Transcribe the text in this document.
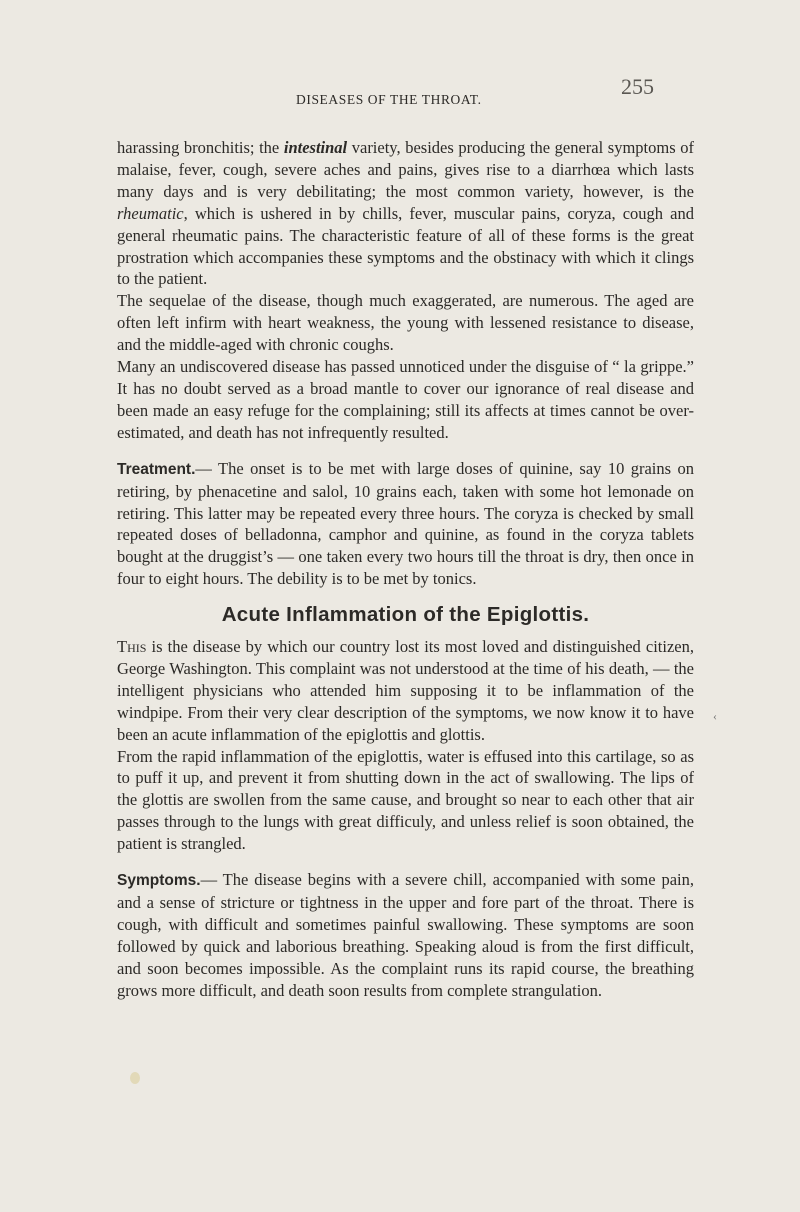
DISEASES OF THE THROAT.
255

harassing bronchitis; the intestinal variety, besides producing the general symptoms of malaise, fever, cough, severe aches and pains, gives rise to a diarrhœa which lasts many days and is very debilitating; the most common variety, however, is the rheumatic, which is ushered in by chills, fever, muscular pains, coryza, cough and general rheumatic pains. The characteristic feature of all of these forms is the great prostration which accompanies these symptoms and the obstinacy with which it clings to the patient.

The sequelae of the disease, though much exaggerated, are numerous. The aged are often left infirm with heart weakness, the young with lessened resistance to disease, and the middle-aged with chronic coughs.

Many an undiscovered disease has passed unnoticed under the disguise of “ la grippe.” It has no doubt served as a broad mantle to cover our ignorance of real disease and been made an easy refuge for the complaining; still its affects at times cannot be over-estimated, and death has not infrequently resulted.

Treatment.— The onset is to be met with large doses of quinine, say 10 grains on retiring, by phenacetine and salol, 10 grains each, taken with some hot lemonade on retiring. This latter may be repeated every three hours. The coryza is checked by small repeated doses of belladonna, camphor and quinine, as found in the coryza tablets bought at the druggist’s — one taken every two hours till the throat is dry, then once in four to eight hours. The debility is to be met by tonics.

Acute Inflammation of the Epiglottis.

This is the disease by which our country lost its most loved and distinguished citizen, George Washington. This complaint was not understood at the time of his death, — the intelligent physicians who attended him supposing it to be inflammation of the windpipe. From their very clear description of the symptoms, we now know it to have been an acute inflammation of the epiglottis and glottis.

From the rapid inflammation of the epiglottis, water is effused into this cartilage, so as to puff it up, and prevent it from shutting down in the act of swallowing. The lips of the glottis are swollen from the same cause, and brought so near to each other that air passes through to the lungs with great difficuly, and unless relief is soon obtained, the patient is strangled.

Symptoms.— The disease begins with a severe chill, accompanied with some pain, and a sense of stricture or tightness in the upper and fore part of the throat. There is cough, with difficult and sometimes painful swallowing. These symptoms are soon followed by quick and laborious breathing. Speaking aloud is from the first difficult, and soon becomes impossible. As the complaint runs its rapid course, the breathing grows more difficult, and death soon results from complete strangulation.

‹
